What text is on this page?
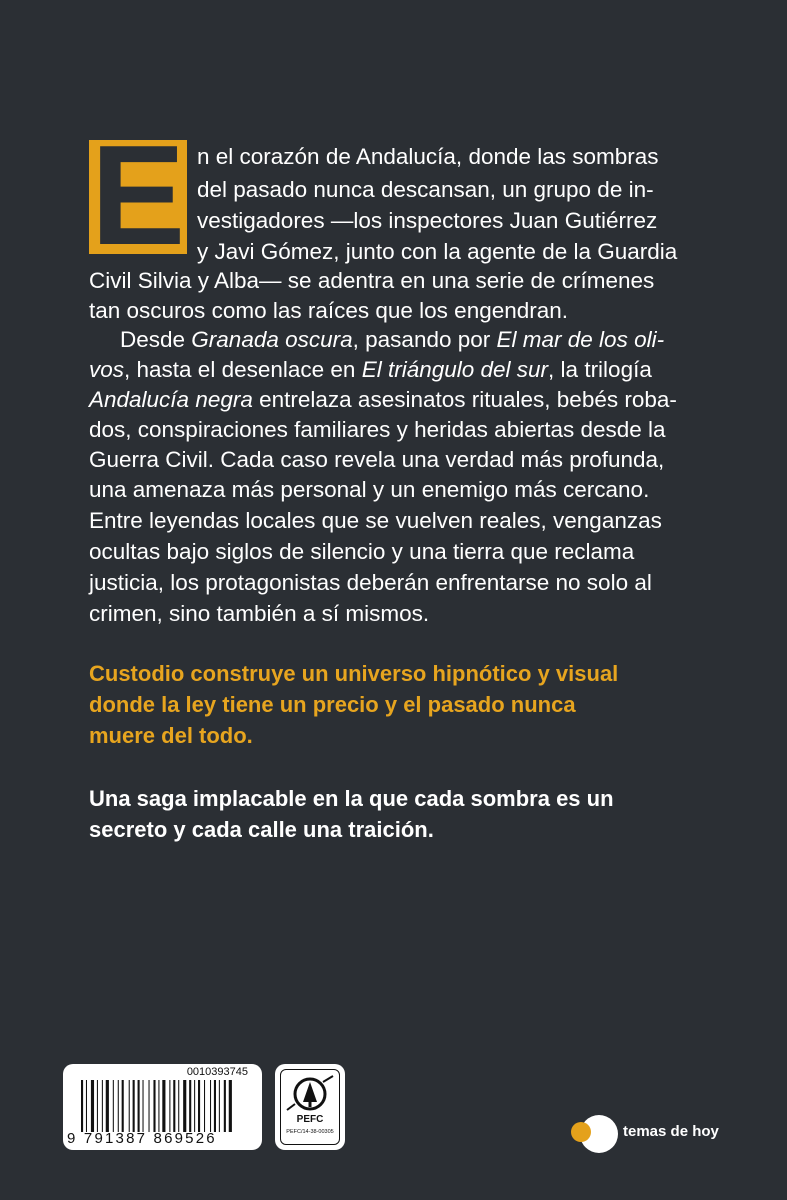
E n el corazón de Andalucía, donde las sombras
del pasado nunca descansan, un grupo de in-
vestigadores —los inspectores Juan Gutiérrez
y Javi Gómez, junto con la agente de la Guardia
Civil Silvia y Alba— se adentra en una serie de crímenes
tan oscuros como las raíces que los engendran.
Desde Granada oscura, pasando por El mar de los oli-
vos, hasta el desenlace en El triángulo del sur, la trilogía
Andalucía negra entrelaza asesinatos rituales, bebés roba-
dos, conspiraciones familiares y heridas abiertas desde la
Guerra Civil. Cada caso revela una verdad más profunda,
una amenaza más personal y un enemigo más cercano.
Entre leyendas locales que se vuelven reales, venganzas
ocultas bajo siglos de silencio y una tierra que reclama
justicia, los protagonistas deberán enfrentarse no solo al
crimen, sino también a sí mismos.
Custodio construye un universo hipnótico y visual
donde la ley tiene un precio y el pasado nunca
muere del todo.
Una saga implacable en la que cada sombra es un
secreto y cada calle una traición.
0010393745
9 791387 869526
PEFC
PEFC/14-38-00305	temas de hoy
